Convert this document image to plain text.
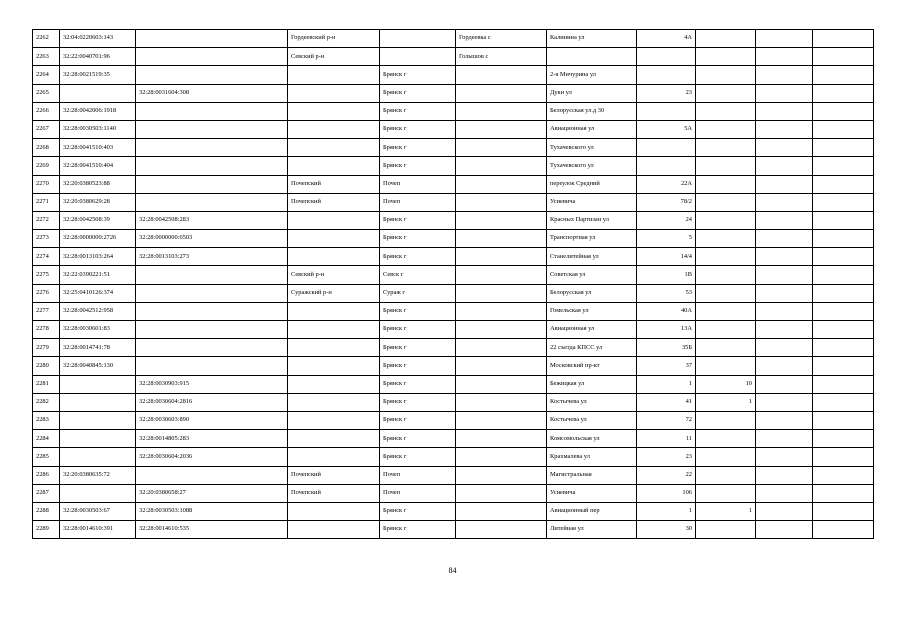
2262	32:04:0220603:143		Гордеевский р-н		Гордеевка с	Калинина ул	4А			
2263	32:22:0040701:96		Севский р-н		Голышов с					
2264	32:28:0021519:35			Брянск г		2-я Мичурина ул				
2265		32:28:0031604:308		Брянск г		Дуки ул	23			
2266	32:28:0042006:1918			Брянск г		Белорусская ул.д 30				
2267	32:28:0030503:1140			Брянск г		Авиационная ул	5А			
2268	32:28:0041510:403			Брянск г		Тухачевского ул				
2269	32:28:0041510:404			Брянск г		Тухачевского ул				
2270	32:20:0380523:88		Почепский	Почеп		переулок Средний	22А			
2271	32:20:0380629:28		Почепский	Почеп		Усиевича	78/2			
2272	32:28:0042508:39	32:28:0042508:283		Брянск г		Красных Партизан ул	24			
2273	32:28:0000000:2726	32:28:0000000:6503		Брянск г		Транспортная ул	5			
2274	32:28:0013103:264	32:28:0013103:273		Брянск г		Станелитейная ул	14/4			
2275	32:22:0390221:51		Севский р-н	Севск г		Советская ул	1В			
2276	32:25:0410126:374		Суражский р-н	Сураж г		Белорусская ул	53			
2277	32:28:0042512:958			Брянск г		Гомельская ул	40А			
2278	32:28:0030601:83			Брянск г		Авиационная ул	13А			
2279	32:28:0014741:78			Брянск г		22 съезда КПСС ул	35Б			
2280	32:28:0040845:130			Брянск г		Московский пр-кт	37			
2281		32:28:0030903:915		Брянск г		Бежицкая ул	1	10		
2282		32:28:0030604:2816		Брянск г		Костычева ул	41	1		
2283		32:28:0030603:890		Брянск г		Костычева ул	72			
2284		32:28:0014805:283		Брянск г		Комсомольская ул	11			
2285		32:28:0030604:2036		Брянск г		Крахмалева ул	23			
2286	32:20:0380635:72		Почепский	Почеп		Магистральная	22			
2287		32:20:0380658:27	Почепский	Почеп		Усиевича	106			
2288	32:28:0030503:67	32:28:0030503:1088		Брянск г		Авиационный пер	1	1		
2289	32:28:0014610:391	32:28:0014610:535		Брянск г		Литейная ул	30			
84
